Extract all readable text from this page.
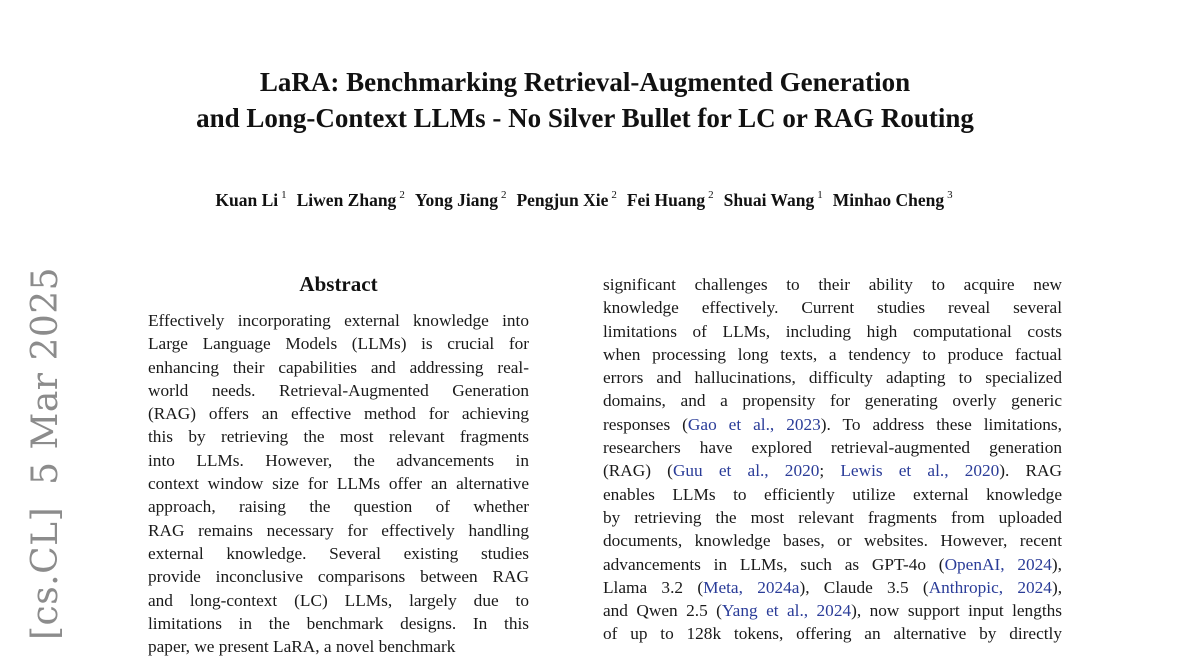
[cs.CL]5 Mar 2025
LaRA: Benchmarking Retrieval-Augmented Generation
and Long-Context LLMs - No Silver Bullet for LC or RAG Routing
Kuan Li $^1$ Liwen Zhang $^2$ Yong Jiang $^2$ Pengjun Xie $^2$ Fei Huang $^2$ Shuai Wang $^1$ Minhao Cheng $^3$
Abstract
Effectively incorporating external knowledge into
Large Language Models (LLMs) is crucial for
enhancing their capabilities and addressing real-
world needs. Retrieval-Augmented Generation
(RAG) offers an effective method for achieving
this by retrieving the most relevant fragments
into LLMs. However, the advancements in
context window size for LLMs offer an alternative
approach, raising the question of whether
RAG remains necessary for effectively handling
external knowledge. Several existing studies
provide inconclusive comparisons between RAG
and long-context (LC) LLMs, largely due to
limitations in the benchmark designs. In this
paper, we present LaRA, a novel benchmark
significant challenges to their ability to acquire new
knowledge effectively. Current studies reveal several
limitations of LLMs, including high computational costs
when processing long texts, a tendency to produce factual
errors and hallucinations, difficulty adapting to specialized
domains, and a propensity for generating overly generic
responses (Gao et al., 2023). To address these limitations,
researchers have explored retrieval-augmented generation
(RAG) (Guu et al., 2020; Lewis et al., 2020). RAG
enables LLMs to efficiently utilize external knowledge
by retrieving the most relevant fragments from uploaded
documents, knowledge bases, or websites. However, recent
advancements in LLMs, such as GPT-4o (OpenAI, 2024),
Llama 3.2 (Meta, 2024a), Claude 3.5 (Anthropic, 2024),
and Qwen 2.5 (Yang et al., 2024), now support input lengths
of up to 128k tokens, offering an alternative by directly
